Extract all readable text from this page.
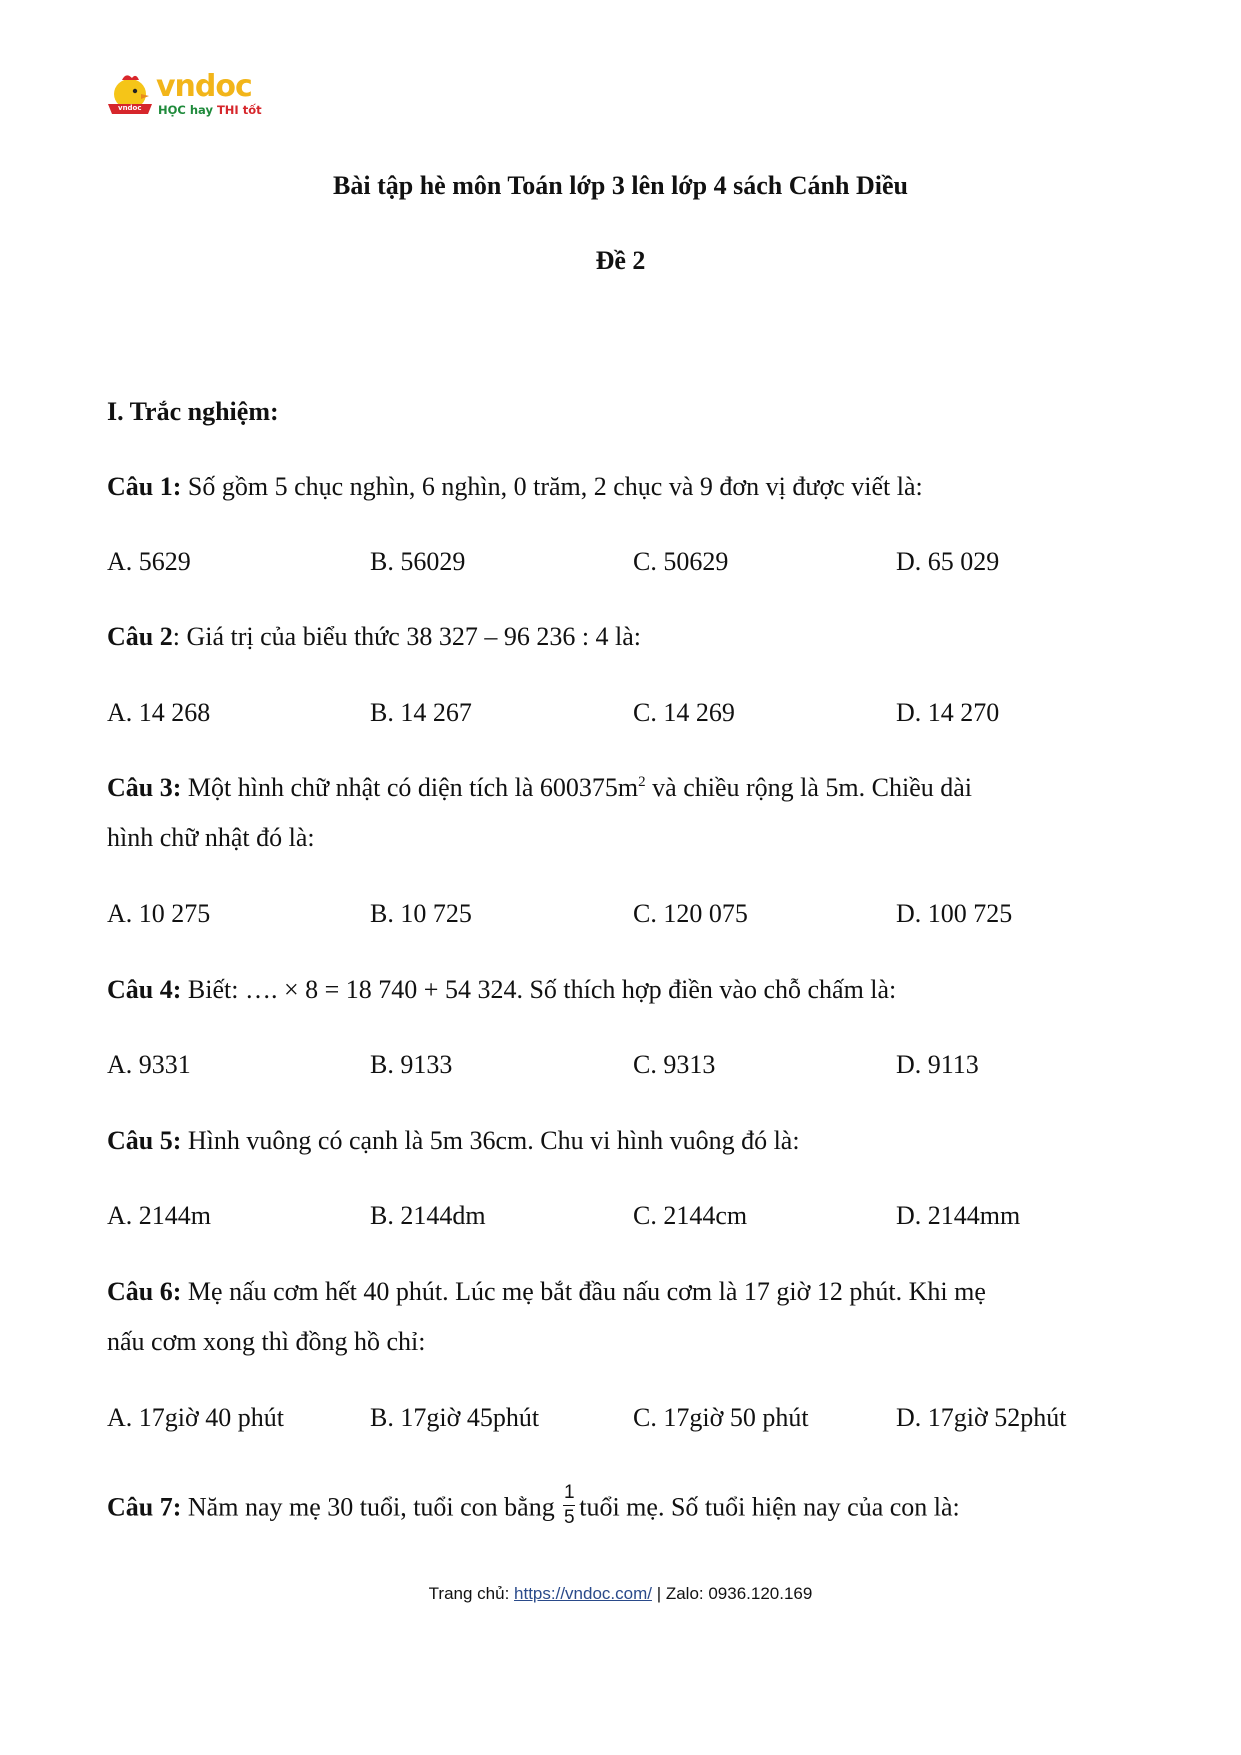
vndoc
vndoc
HỌC hay THI tốt
Bài tập hè môn Toán lớp 3 lên lớp 4 sách Cánh Diều
Đề 2
I. Trắc nghiệm:
Câu 1: Số gồm 5 chục nghìn, 6 nghìn, 0 trăm, 2 chục và 9 đơn vị được viết là:
A. 5629	B. 56029	C. 50629	D. 65 029
Câu 2: Giá trị của biểu thức 38 327 – 96 236 : 4 là:
A. 14 268	B. 14 267	C. 14 269	D. 14 270
Câu 3: Một hình chữ nhật có diện tích là $600375m^2$ và chiều rộng là 5m. Chiều dài
hình chữ nhật đó là:
A. 10 275	B. 10 725	C. 120 075	D. 100 725
Câu 4: Biết: …. × 8 = 18 740 + 54 324. Số thích hợp điền vào chỗ chấm là:
A. 9331	B. 9133	C. 9313	D. 9113
Câu 5: Hình vuông có cạnh là 5m 36cm. Chu vi hình vuông đó là:
A. 2144m	B. 2144dm	C. 2144cm	D. 2144mm
Câu 6: Mẹ nấu cơm hết 40 phút. Lúc mẹ bắt đầu nấu cơm là 17 giờ 12 phút. Khi mẹ
nấu cơm xong thì đồng hồ chỉ:
A. 17giờ 40 phút	B. 17giờ 45phút	C. 17giờ 50 phút	D. 17giờ 52phút
Câu 7: Năm nay mẹ 30 tuổi, tuổi con bằng $\frac{1}{5}$ tuổi mẹ. Số tuổi hiện nay của con là:
Trang chủ: https://vndoc.com/ | Zalo: 0936.120.169
